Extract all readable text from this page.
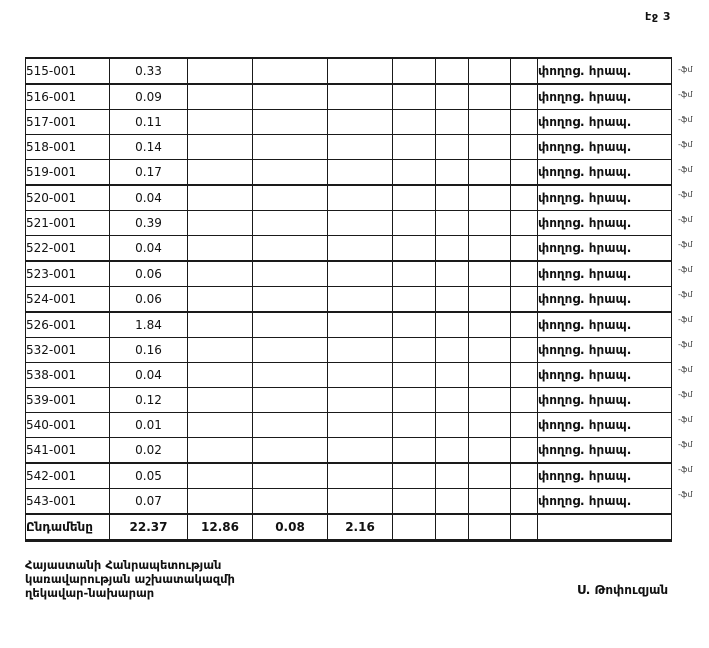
էջ 3
515-001	0.33								փողոց. հրապ.
516-001	0.09								փողոց. հրապ.
517-001	0.11								փողոց. հրապ.
518-001	0.14								փողոց. հրապ.
519-001	0.17								փողոց. հրապ.
520-001	0.04								փողոց. հրապ.
521-001	0.39								փողոց. հրապ.
522-001	0.04								փողոց. հրապ.
523-001	0.06								փողոց. հրապ.
524-001	0.06								փողոց. հրապ.
526-001	1.84								փողոց. հրապ.
532-001	0.16								փողոց. հրապ.
538-001	0.04								փողոց. հրապ.
539-001	0.12								փողոց. հրապ.
540-001	0.01								փողոց. հրապ.
541-001	0.02								փողոց. հրապ.
542-001	0.05								փողոց. հրապ.
543-001	0.07								փողոց. հրապ.
Ընդամենը	22.37	12.86	0.08	2.16					
-ֆմ
-ֆմ
-ֆմ
-ֆմ
-ֆմ
-ֆմ
-ֆմ
-ֆմ
-ֆմ
-ֆմ
-ֆմ
-ֆմ
-ֆմ
-ֆմ
-ֆմ
-ֆմ
-ֆմ
-ֆմ
Հայաստանի Հանրապետության
կառավարության աշխատակազմի
ղեկավար-նախարար	Ս. Թոփուզյան
